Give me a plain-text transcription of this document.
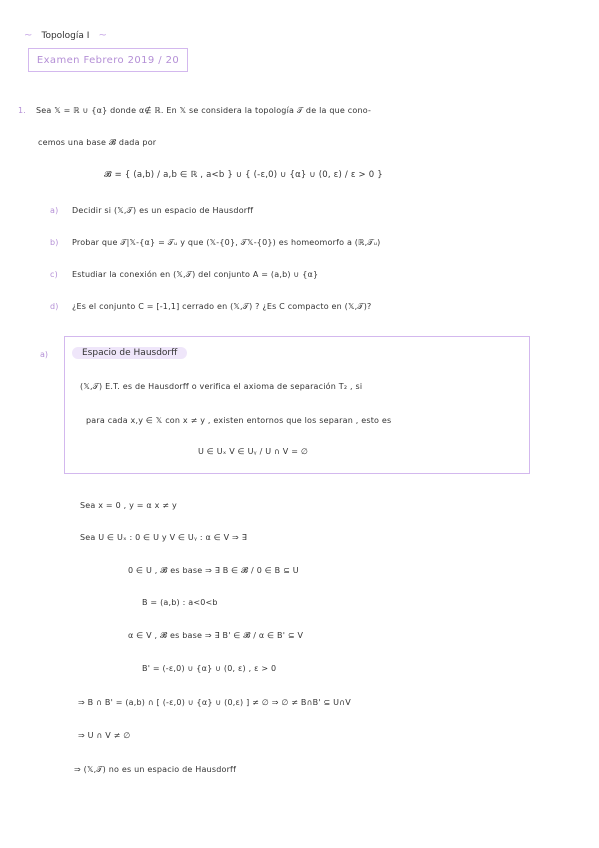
~ Topología I ~
Examen Febrero 2019 / 20
1. Sea 𝕏 = ℝ ∪ {α} donde α∉ ℝ. En 𝕏 se considera la topología 𝒯 de la que cono-
cemos una base 𝓑 dada por
𝓑 = { (a,b) / a,b ∈ ℝ , a<b } ∪ { (-ε,0) ∪ {α} ∪ (0, ε) / ε > 0 }
a) Decidir si (𝕏,𝒯) es un espacio de Hausdorff
b) Probar que 𝒯|𝕏-{α} = 𝒯ᵤ y que (𝕏-{0}, 𝒯𝕏-{0}) es homeomorfo a (ℝ,𝒯ᵤ)
c) Estudiar la conexión en (𝕏,𝒯) del conjunto A = (a,b) ∪ {α}
d) ¿Es el conjunto C = [-1,1] cerrado en (𝕏,𝒯) ? ¿Es C compacto en (𝕏,𝒯)?
a)	Espacio de Hausdorff
(𝕏,𝒯) E.T. es de Hausdorff o verifica el axioma de separación T₂ , si
para cada x,y ∈ 𝕏 con x ≠ y , existen entornos que los separan , esto es
U ∈ Uₓ V ∈ Uᵧ / U ∩ V = ∅
Sea x = 0 , y = α x ≠ y
Sea U ∈ Uₓ : 0 ∈ U y V ∈ Uᵧ : α ∈ V ⇒ ∃
0 ∈ U , 𝓑 es base ⇒ ∃ B ∈ 𝓑 / 0 ∈ B ⊆ U
B = (a,b) : a<0<b
α ∈ V , 𝓑 es base ⇒ ∃ B' ∈ 𝓑 / α ∈ B' ⊆ V
B' = (-ε,0) ∪ {α} ∪ (0, ε) , ε > 0
⇒ B ∩ B' = (a,b) ∩ [ (-ε,0) ∪ {α} ∪ (0,ε) ] ≠ ∅ ⇒ ∅ ≠ B∩B' ⊆ U∩V
⇒ U ∩ V ≠ ∅
⇒ (𝕏,𝒯) no es un espacio de Hausdorff
